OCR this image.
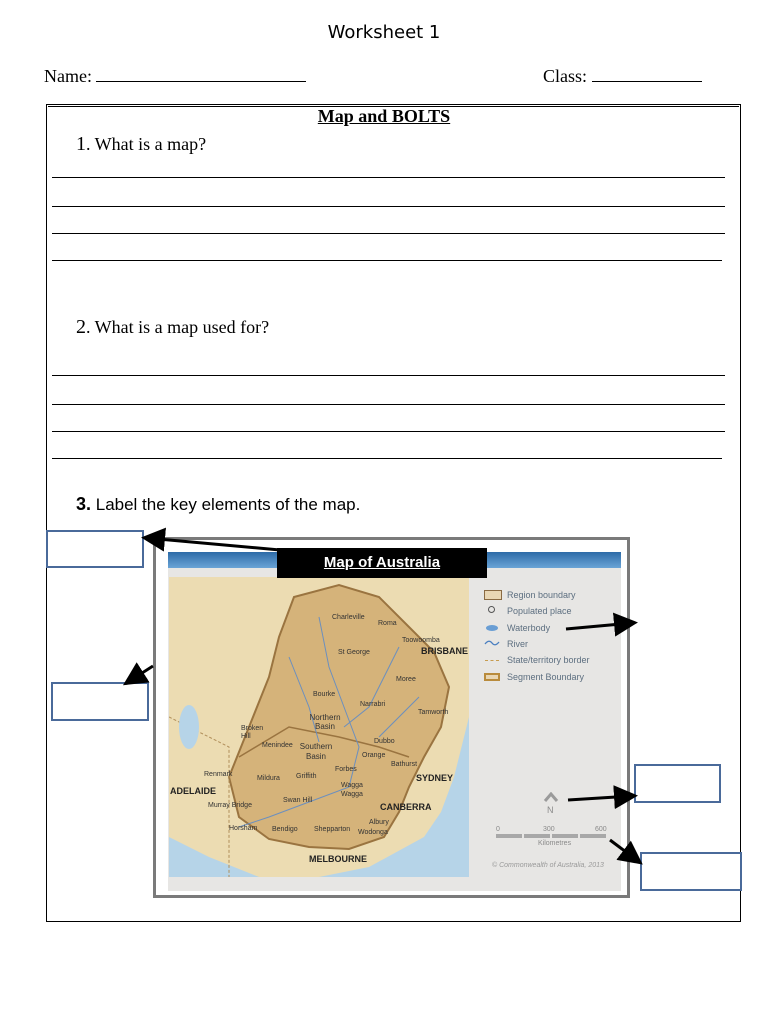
Worksheet 1
Name:	Class:
Map and BOLTS
1. What is a map?
2. What is a map used for?
3. Label the key elements of the map.
Charleville
Roma
Toowoomba
BRISBANE
St George
Moree
Bourke
Narrabri
Tamworth
Northern Basin
Broken Hill
Menindee Southern Basin
Dubbo
Orange
Bathurst
Forbes
SYDNEY
Mildura Griffith
Renmark
Wagga Wagga
ADELAIDE
Murray Bridge
Swan Hill
CANBERRA
Albury
Horsham Bendigo Shepparton Wodonga
MELBOURNE
Region boundary
Populated place
Waterbody
River
State/territory border
Segment Boundary
N
0	300	600
Kilometres
© Commonwealth of Australia, 2013
Map of Australia
